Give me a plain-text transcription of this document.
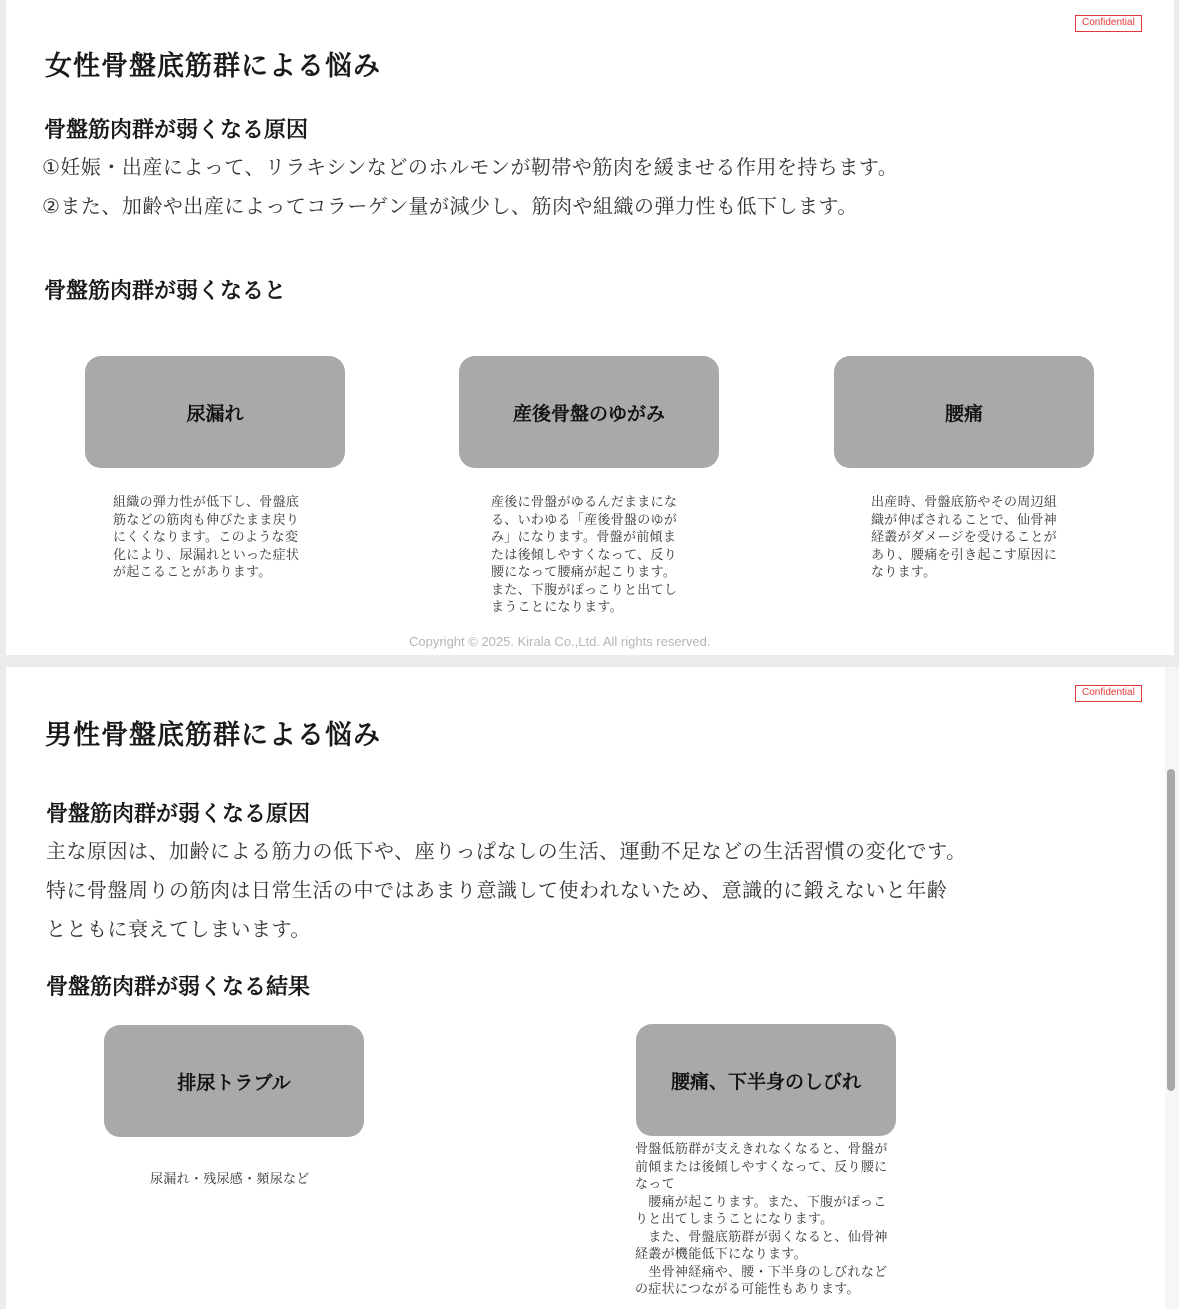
Confidential
女性骨盤底筋群による悩み
骨盤筋肉群が弱くなる原因
①妊娠・出産によって、リラキシンなどのホルモンが靭帯や筋肉を緩ませる作用を持ちます。
②また、加齢や出産によってコラーゲン量が減少し、筋肉や組織の弾力性も低下します。
骨盤筋肉群が弱くなると
尿漏れ
組織の弾力性が低下し、骨盤底
筋などの筋肉も伸びたまま戻り
にくくなります。このような変
化により、尿漏れといった症状
が起こることがあります。
産後骨盤のゆがみ
産後に骨盤がゆるんだままにな
る、いわゆる「産後骨盤のゆが
み」になります。骨盤が前傾ま
たは後傾しやすくなって、反り
腰になって腰痛が起こります。
また、下腹がぽっこりと出てし
まうことになります。
腰痛
出産時、骨盤底筋やその周辺組
織が伸ばされることで、仙骨神
経叢がダメージを受けることが
あり、腰痛を引き起こす原因に
なります。
Copyright © 2025. Kirala Co.,Ltd. All rights reserved.
Confidential
男性骨盤底筋群による悩み
骨盤筋肉群が弱くなる原因
主な原因は、加齢による筋力の低下や、座りっぱなしの生活、運動不足などの生活習慣の変化です。
特に骨盤周りの筋肉は日常生活の中ではあまり意識して使われないため、意識的に鍛えないと年齢
とともに衰えてしまいます。
骨盤筋肉群が弱くなる結果
排尿トラブル
尿漏れ・残尿感・頻尿など
腰痛、下半身のしびれ
骨盤低筋群が支えきれなくなると、骨盤が
前傾または後傾しやすくなって、反り腰に
なって
　腰痛が起こります。また、下腹がぽっこ
りと出てしまうことになります。
　また、骨盤底筋群が弱くなると、仙骨神
経叢が機能低下になります。
　坐骨神経痛や、腰・下半身のしびれなど
の症状につながる可能性もあります。
